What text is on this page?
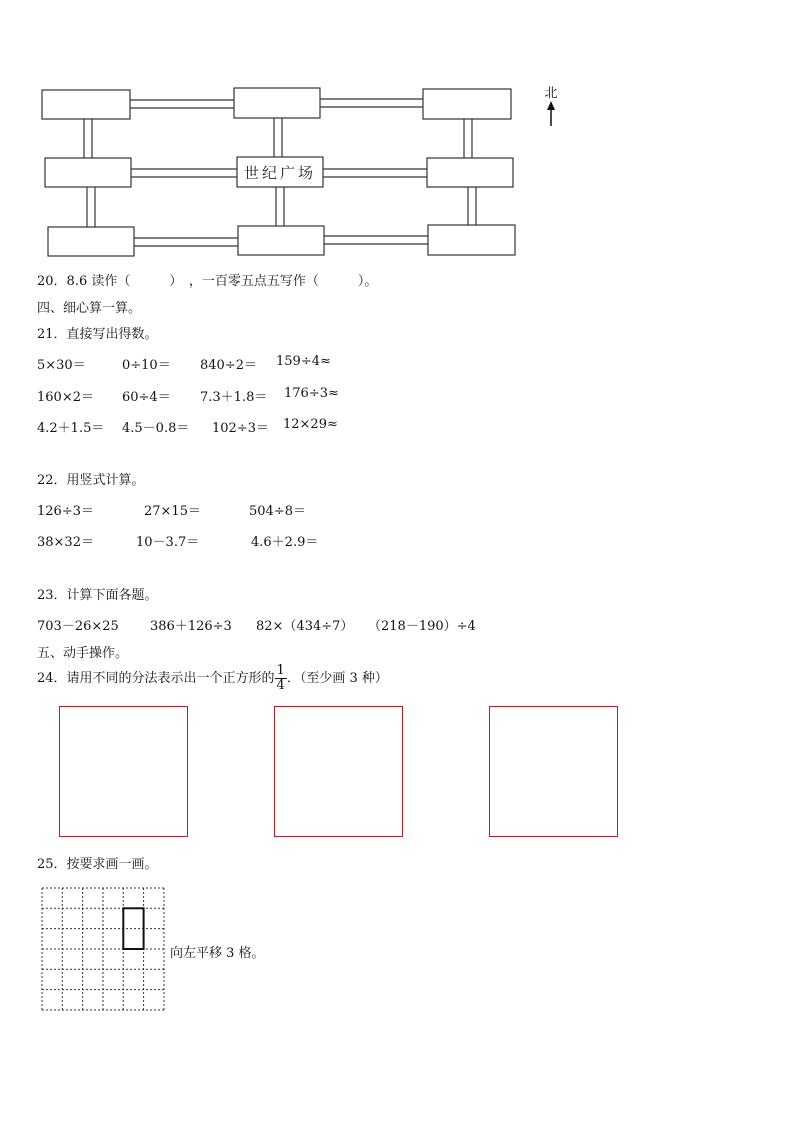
世纪广场
北
20．8.6 读作（　　　）　，一百零五点五写作（　　　）。
四、细心算一算。
21．直接写出得数。
5×30＝	0÷10＝ 840÷2＝ 159÷4≈
160×2＝ 60÷4＝ 7.3＋1.8＝ 176÷3≈
4.2＋1.5＝ 4.5－0.8＝ 102÷3＝ 12×29≈
22．用竖式计算。
126÷3＝	27×15＝	504÷8＝
38×32＝	10－3.7＝	4.6＋2.9＝
23．计算下面各题。
703－26×25 386＋126÷3 82×（434÷7） （218－190）÷4
五、动手操作。
24．请用不同的分法表示出一个正方形的 $\frac{1}{4}$ ．（至少画 3 种）
25．按要求画一画。
向左平移 3 格。
